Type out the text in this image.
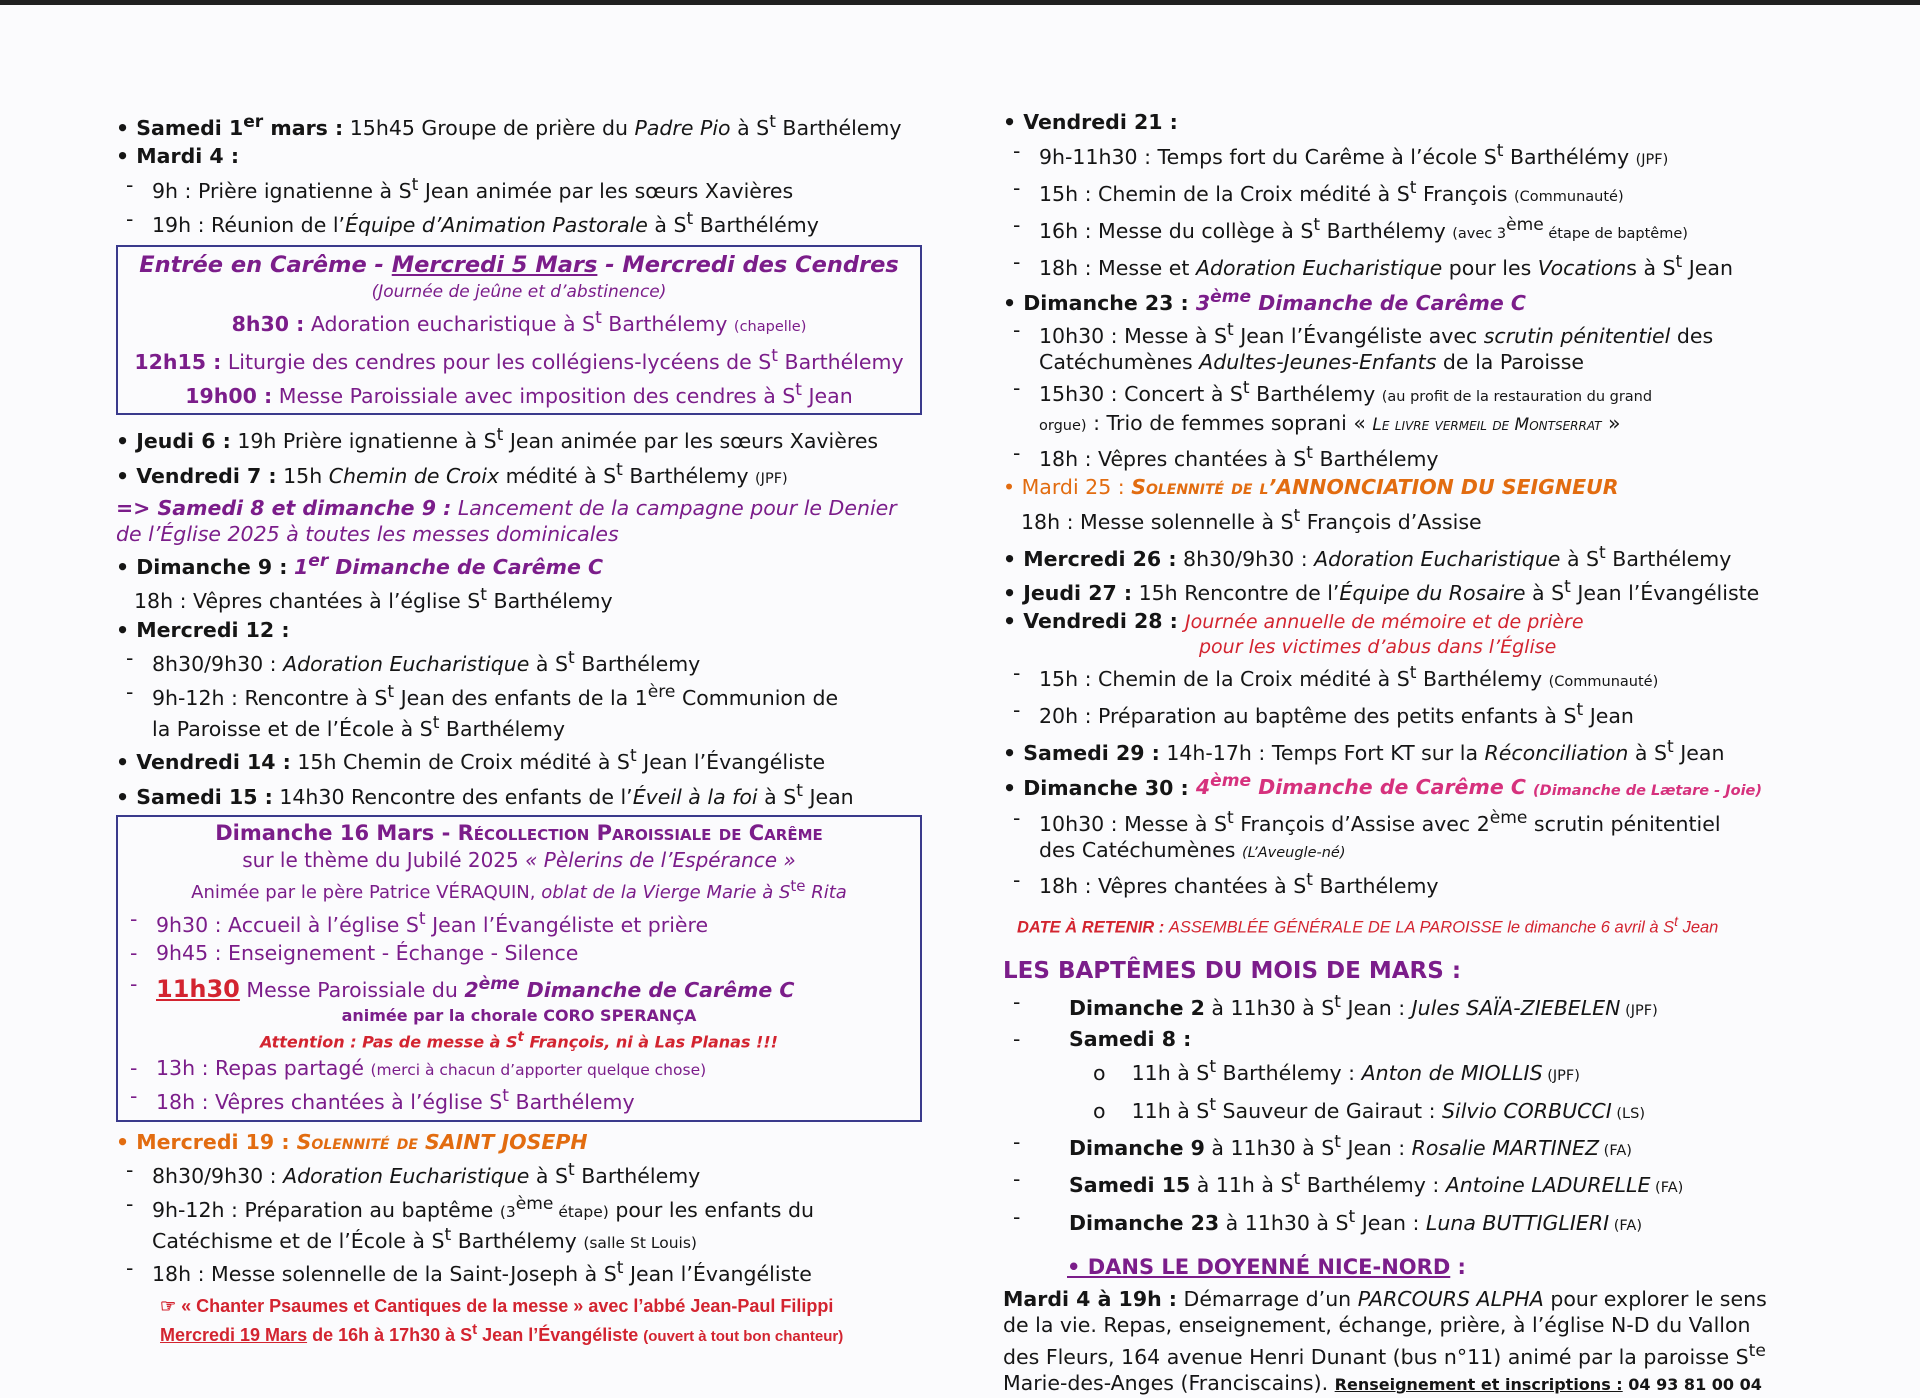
• Samedi 1er mars : 15h45 Groupe de prière du Padre Pio à $S^t$ Barthélemy
• Mardi 4 :
- 9h : Prière ignatienne à $S^t$ Jean animée par les sœurs Xavières
- 19h : Réunion de l’Équipe d’Animation Pastorale à $S^t$ Barthélémy
Entrée en Carême - Mercredi 5 Mars - Mercredi des Cendres
(Journée de jeûne et d’abstinence)
8h30 : Adoration eucharistique à $S^t$ Barthélemy (chapelle)
12h15 : Liturgie des cendres pour les collégiens-lycéens de $S^t$ Barthélemy
19h00 : Messe Paroissiale avec imposition des cendres à $S^t$ Jean
• Jeudi 6 : 19h Prière ignatienne à $S^t$ Jean animée par les sœurs Xavières
• Vendredi 7 : 15h Chemin de Croix médité à $S^t$ Barthélemy (JPF)
=> Samedi 8 et dimanche 9 : Lancement de la campagne pour le Denier
de l’Église 2025 à toutes les messes dominicales
• Dimanche 9 : 1er Dimanche de Carême C
18h : Vêpres chantées à l’église $S^t$ Barthélemy
• Mercredi 12 :
- 8h30/9h30 : Adoration Eucharistique à $S^t$ Barthélemy
- 9h-12h : Rencontre à $S^t$ Jean des enfants de la 1ère Communion de
la Paroisse et de l’École à $S^t$ Barthélemy
• Vendredi 14 : 15h Chemin de Croix médité à $S^t$ Jean l’Évangéliste
• Samedi 15 : 14h30 Rencontre des enfants de l’Éveil à la foi à $S^t$ Jean
Dimanche 16 Mars - Récollection Paroissiale de Carême
sur le thème du Jubilé 2025 « Pèlerins de l’Espérance »
Animée par le père Patrice VÉRAQUIN, oblat de la Vierge Marie à $S^{te}$ Rita
- 9h30 : Accueil à l’église $S^t$ Jean l’Évangéliste et prière
- 9h45 : Enseignement - Échange - Silence
- 11h30 Messe Paroissiale du 2ème Dimanche de Carême C
animée par la chorale CORO SPERANÇA
Attention : Pas de messe à $S^t$ François, ni à Las Planas !!!
- 13h : Repas partagé (merci à chacun d’apporter quelque chose)
- 18h : Vêpres chantées à l’église $S^t$ Barthélemy
• Mercredi 19 : Solennité de SAINT JOSEPH
- 8h30/9h30 : Adoration Eucharistique à $S^t$ Barthélemy
- 9h-12h : Préparation au baptême (3ème étape) pour les enfants du
Catéchisme et de l’École à $S^t$ Barthélemy (salle St Louis)
- 18h : Messe solennelle de la Saint-Joseph à $S^t$ Jean l’Évangéliste
☞ « Chanter Psaumes et Cantiques de la messe » avec l’abbé Jean-Paul Filippi
Mercredi 19 Mars de 16h à 17h30 à $S^t$ Jean l’Évangéliste (ouvert à tout bon chanteur)
• Vendredi 21 :
- 9h-11h30 : Temps fort du Carême à l’école $S^t$ Barthélémy (JPF)
- 15h : Chemin de la Croix médité à $S^t$ François (Communauté)
- 16h : Messe du collège à $S^t$ Barthélemy (avec 3ème étape de baptême)
- 18h : Messe et Adoration Eucharistique pour les Vocations à $S^t$ Jean
• Dimanche 23 : 3ème Dimanche de Carême C
- 10h30 : Messe à $S^t$ Jean l’Évangéliste avec scrutin pénitentiel des
Catéchumènes Adultes-Jeunes-Enfants de la Paroisse
- 15h30 : Concert à $S^t$ Barthélemy (au profit de la restauration du grand
orgue) : Trio de femmes soprani « Le livre vermeil de Montserrat »
- 18h : Vêpres chantées à $S^t$ Barthélemy
• Mardi 25 : Solennité de l’ANNONCIATION DU SEIGNEUR
18h : Messe solennelle à $S^t$ François d’Assise
• Mercredi 26 : 8h30/9h30 : Adoration Eucharistique à $S^t$ Barthélemy
• Jeudi 27 : 15h Rencontre de l’Équipe du Rosaire à $S^t$ Jean l’Évangéliste
• Vendredi 28 : Journée annuelle de mémoire et de prière
pour les victimes d’abus dans l’Église
- 15h : Chemin de la Croix médité à $S^t$ Barthélemy (Communauté)
- 20h : Préparation au baptême des petits enfants à $S^t$ Jean
• Samedi 29 : 14h-17h : Temps Fort KT sur la Réconciliation à $S^t$ Jean
• Dimanche 30 : 4ème Dimanche de Carême C (Dimanche de Lætare - Joie)
- 10h30 : Messe à $S^t$ François d’Assise avec 2ème scrutin pénitentiel
des Catéchumènes (L’Aveugle-né)
- 18h : Vêpres chantées à $S^t$ Barthélemy
DATE À RETENIR : ASSEMBLÉE GÉNÉRALE DE LA PAROISSE le dimanche 6 avril à $S^t$ Jean
LES BAPTÊMES DU MOIS DE MARS :
- Dimanche 2 à 11h30 à $S^t$ Jean : Jules SAÏA-ZIEBELEN (JPF)
- Samedi 8 :
o 11h à $S^t$ Barthélemy : Anton de MIOLLIS (JPF)
o 11h à $S^t$ Sauveur de Gairaut : Silvio CORBUCCI (LS)
- Dimanche 9 à 11h30 à $S^t$ Jean : Rosalie MARTINEZ (FA)
- Samedi 15 à 11h à $S^t$ Barthélemy : Antoine LADURELLE (FA)
- Dimanche 23 à 11h30 à $S^t$ Jean : Luna BUTTIGLIERI (FA)
• DANS LE DOYENNÉ NICE-NORD :
Mardi 4 à 19h : Démarrage d’un PARCOURS ALPHA pour explorer le sens
de la vie. Repas, enseignement, échange, prière, à l’église N-D du Vallon
des Fleurs, 164 avenue Henri Dunant (bus n°11) animé par la paroisse $S^{te}$
Marie-des-Anges (Franciscains). Renseignement et inscriptions : 04 93 81 00 04
